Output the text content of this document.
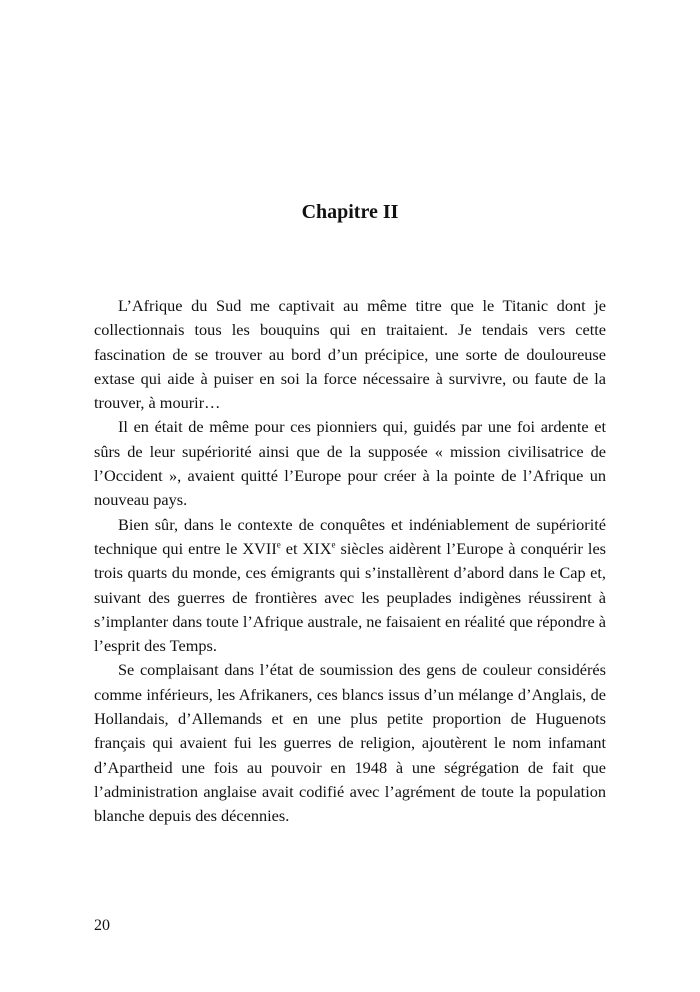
Chapitre II

L’Afrique du Sud me captivait au même titre que le Titanic dont je collectionnais tous les bouquins qui en traitaient. Je tendais vers cette fascination de se trouver au bord d’un précipice, une sorte de douloureuse extase qui aide à puiser en soi la force nécessaire à survivre, ou faute de la trouver, à mourir…

Il en était de même pour ces pionniers qui, guidés par une foi ardente et sûrs de leur supériorité ainsi que de la supposée « mission civilisatrice de l’Occident », avaient quitté l’Europe pour créer à la pointe de l’Afrique un nouveau pays.

Bien sûr, dans le contexte de conquêtes et indéniablement de supériorité technique qui entre le XVIIe et XIXe siècles aidèrent l’Europe à conquérir les trois quarts du monde, ces émigrants qui s’installèrent d’abord dans le Cap et, suivant des guerres de frontières avec les peuplades indigènes réussirent à s’implanter dans toute l’Afrique australe, ne faisaient en réalité que répondre à l’esprit des Temps.

Se complaisant dans l’état de soumission des gens de couleur considérés comme inférieurs, les Afrikaners, ces blancs issus d’un mélange d’Anglais, de Hollandais, d’Allemands et en une plus petite proportion de Huguenots français qui avaient fui les guerres de religion, ajoutèrent le nom infamant d’Apartheid une fois au pouvoir en 1948 à une ségrégation de fait que l’administration anglaise avait codifié avec l’agrément de toute la population blanche depuis des décennies.

20
